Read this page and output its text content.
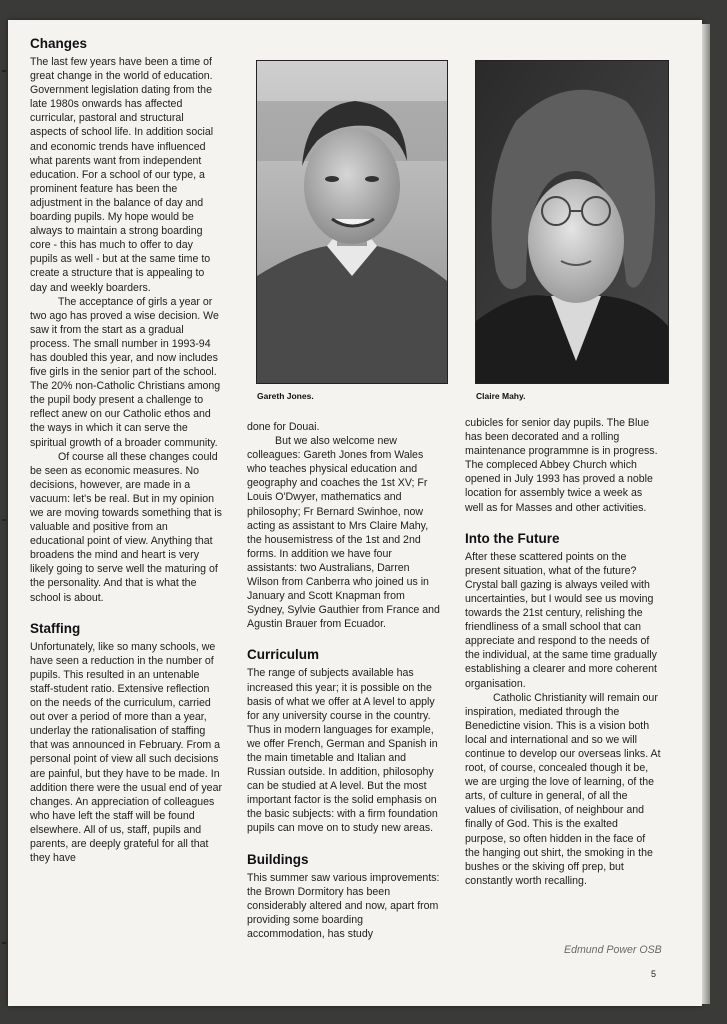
Changes

The last few years have been a time of great change in the world of education. Government legislation dating from the late 1980s onwards has affected curricular, pastoral and structural aspects of school life. In addition social and economic trends have influenced what parents want from independent education. For a school of our type, a prominent feature has been the adjustment in the balance of day and boarding pupils. My hope would be always to maintain a strong boarding core - this has much to offer to day pupils as well - but at the same time to create a structure that is appealing to day and weekly boarders.

The acceptance of girls a year or two ago has proved a wise decision. We saw it from the start as a gradual process. The small number in 1993-94 has doubled this year, and now includes five girls in the senior part of the school. The 20% non-Catholic Christians among the pupil body present a challenge to reflect anew on our Catholic ethos and the ways in which it can serve the spiritual growth of a broader community.

Of course all these changes could be seen as economic measures. No decisions, however, are made in a vacuum: let's be real. But in my opinion we are moving towards something that is valuable and positive from an educational point of view. Anything that broadens the mind and heart is very likely going to serve well the maturing of the personality. And that is what the school is about.

Staffing

Unfortunately, like so many schools, we have seen a reduction in the number of pupils. This resulted in an untenable staff-student ratio. Extensive reflection on the needs of the curriculum, carried out over a period of more than a year, underlay the rationalisation of staffing that was announced in February. From a personal point of view all such decisions are painful, but they have to be made. In addition there were the usual end of year changes. An appreciation of colleagues who have left the staff will be found elsewhere. All of us, staff, pupils and parents, are deeply grateful for all that they have

Gareth Jones.	Claire Mahy.

done for Douai.

But we also welcome new colleagues: Gareth Jones from Wales who teaches physical education and geography and coaches the 1st XV; Fr Louis O'Dwyer, mathematics and philosophy; Fr Bernard Swinhoe, now acting as assistant to Mrs Claire Mahy, the housemistress of the 1st and 2nd forms. In addition we have four assistants: two Australians, Darren Wilson from Canberra who joined us in January and Scott Knapman from Sydney, Sylvie Gauthier from France and Agustin Brauer from Ecuador.

Curriculum

The range of subjects available has increased this year; it is possible on the basis of what we offer at A level to apply for any university course in the country. Thus in modern languages for example, we offer French, German and Spanish in the main timetable and Italian and Russian outside. In addition, philosophy can be studied at A level. But the most important factor is the solid emphasis on the basic subjects: with a firm foundation pupils can move on to study new areas.

Buildings

This summer saw various improvements: the Brown Dormitory has been considerably altered and now, apart from providing some boarding accommodation, has study

cubicles for senior day pupils. The Blue has been decorated and a rolling maintenance programmne is in progress. The compleced Abbey Church which opened in July 1993 has proved a noble location for assembly twice a week as well as for Masses and other activities.

Into the Future

After these scattered points on the present situation, what of the future? Crystal ball gazing is always veiled with uncertainties, but I would see us moving towards the 21st century, relishing the friendliness of a small school that can appreciate and respond to the needs of the individual, at the same time gradually establishing a clearer and more coherent organisation.

Catholic Christianity will remain our inspiration, mediated through the Benedictine vision. This is a vision both local and international and so we will continue to develop our overseas links. At root, of course, concealed though it be, we are urging the love of learning, of the arts, of culture in general, of all the values of civilisation, of neighbour and finally of God. This is the exalted purpose, so often hidden in the face of the hanging out shirt, the smoking in the bushes or the skiving off prep, but constantly worth recalling.

Edmund Power OSB
5
